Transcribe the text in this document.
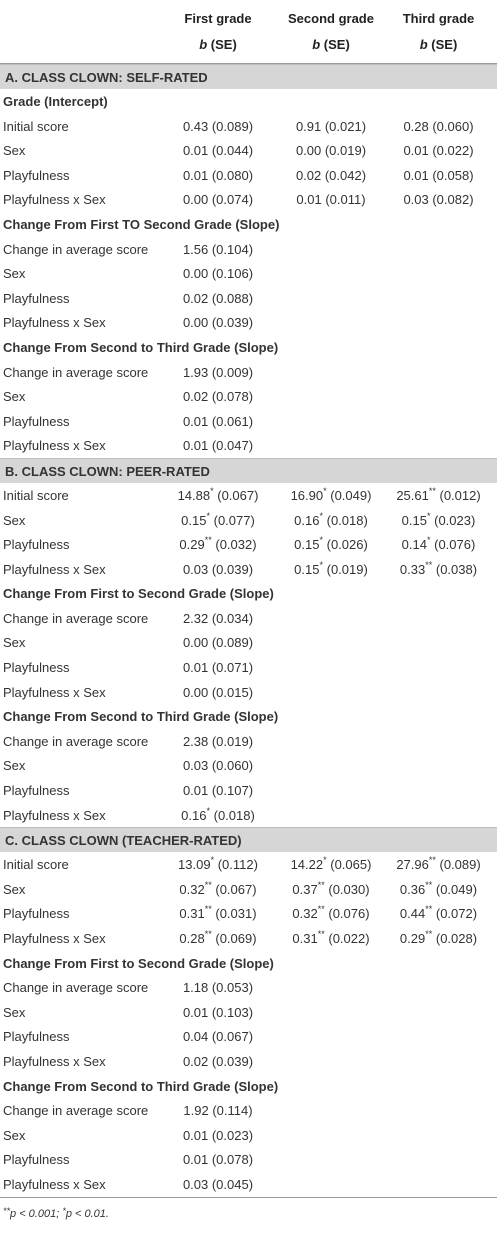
First grade	Second grade	Third grade
b (SE)	b (SE)	b (SE)
A. CLASS CLOWN: SELF-RATED
Grade (Intercept)
Initial score	0.43 (0.089)	0.91 (0.021)	0.28 (0.060)
Sex	0.01 (0.044)	0.00 (0.019)	0.01 (0.022)
Playfulness	0.01 (0.080)	0.02 (0.042)	0.01 (0.058)
Playfulness x Sex	0.00 (0.074)	0.01 (0.011)	0.03 (0.082)
Change From First TO Second Grade (Slope)
Change in average score	1.56 (0.104)
Sex	0.00 (0.106)
Playfulness	0.02 (0.088)
Playfulness x Sex	0.00 (0.039)
Change From Second to Third Grade (Slope)
Change in average score	1.93 (0.009)
Sex	0.02 (0.078)
Playfulness	0.01 (0.061)
Playfulness x Sex	0.01 (0.047)
B. CLASS CLOWN: PEER-RATED
Initial score	14.88* (0.067)	16.90* (0.049)	25.61** (0.012)
Sex	0.15* (0.077)	0.16* (0.018)	0.15* (0.023)
Playfulness	0.29** (0.032)	0.15* (0.026)	0.14* (0.076)
Playfulness x Sex	0.03 (0.039)	0.15* (0.019)	0.33** (0.038)
Change From First to Second Grade (Slope)
Change in average score	2.32 (0.034)
Sex	0.00 (0.089)
Playfulness	0.01 (0.071)
Playfulness x Sex	0.00 (0.015)
Change From Second to Third Grade (Slope)
Change in average score	2.38 (0.019)
Sex	0.03 (0.060)
Playfulness	0.01 (0.107)
Playfulness x Sex	0.16* (0.018)
C. CLASS CLOWN (TEACHER-RATED)
Initial score	13.09* (0.112)	14.22* (0.065)	27.96** (0.089)
Sex	0.32** (0.067)	0.37** (0.030)	0.36** (0.049)
Playfulness	0.31** (0.031)	0.32** (0.076)	0.44** (0.072)
Playfulness x Sex	0.28** (0.069)	0.31** (0.022)	0.29** (0.028)
Change From First to Second Grade (Slope)
Change in average score	1.18 (0.053)
Sex	0.01 (0.103)
Playfulness	0.04 (0.067)
Playfulness x Sex	0.02 (0.039)
Change From Second to Third Grade (Slope)
Change in average score	1.92 (0.114)
Sex	0.01 (0.023)
Playfulness	0.01 (0.078)
Playfulness x Sex	0.03 (0.045)
**p < 0.001; *p < 0.01.
